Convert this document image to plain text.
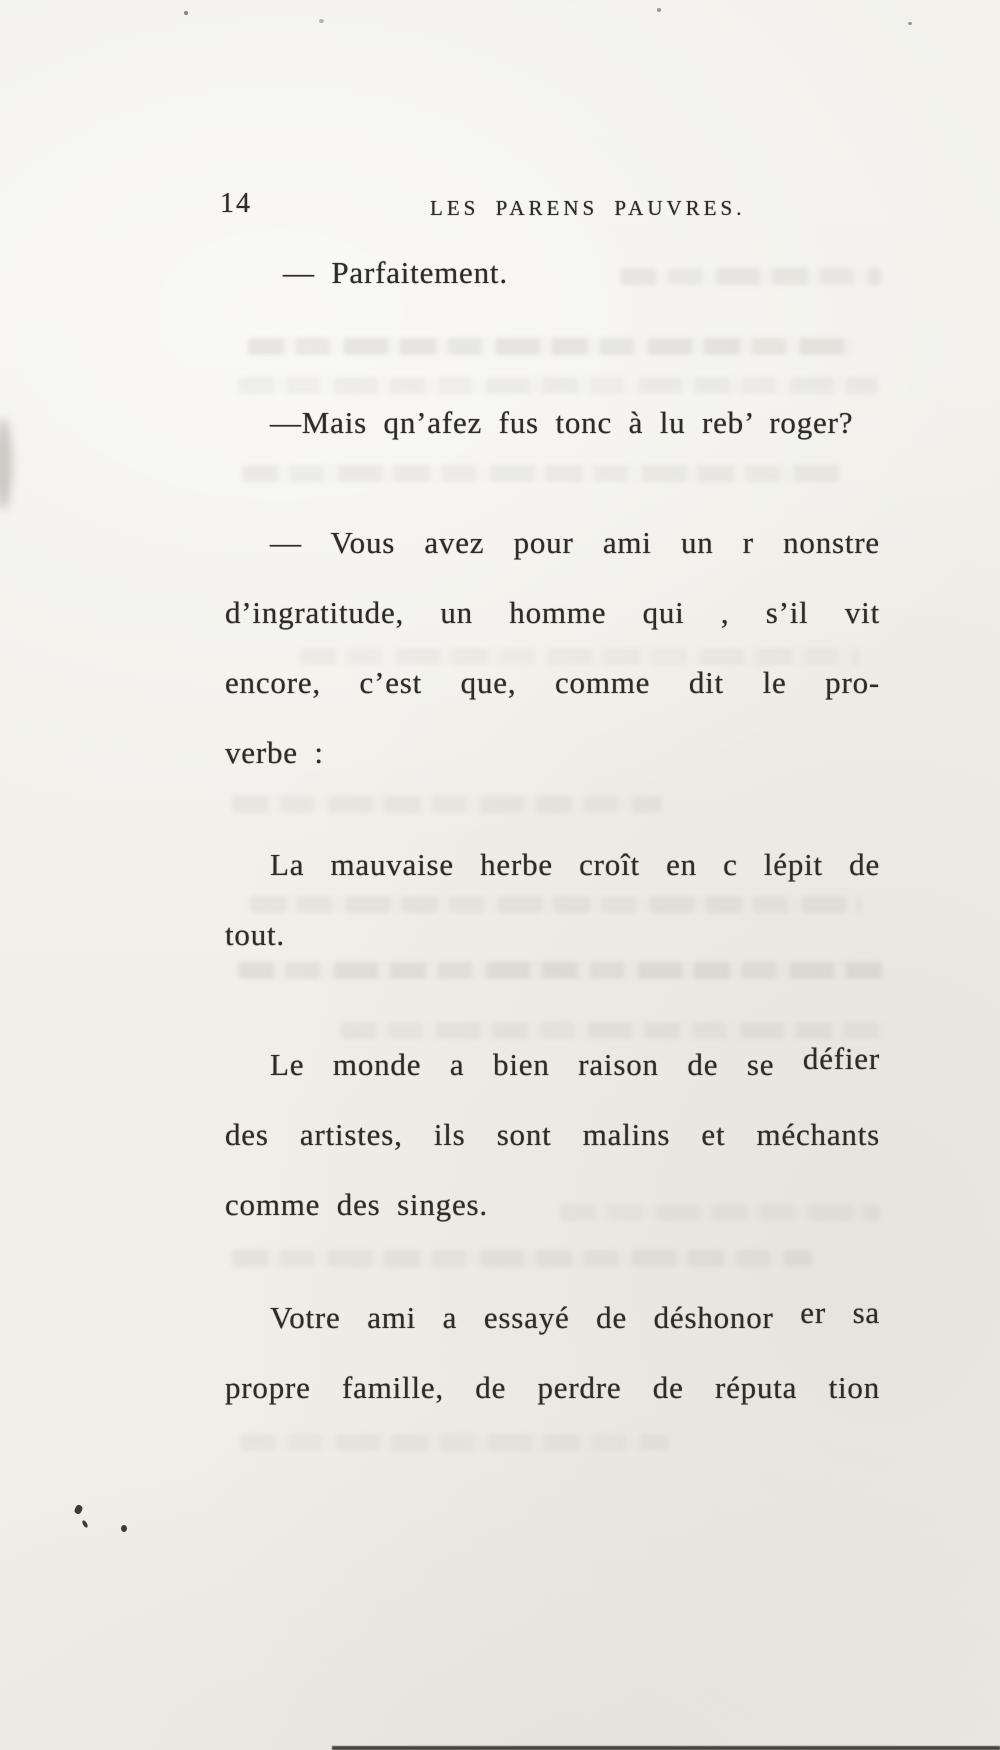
14	LES PARENS PAUVRES.
— Parfaitement.
—Mais qn’afez fus tonc à lu reb’ roger?
— Vous avez pour ami un r nonstre
d’ingratitude, un homme qui , s’il vit
encore, c’est que, comme dit le pro-
verbe :
La mauvaise herbe croît en c lépit de
tout.
Le monde a bien raison de se défier
des artistes, ils sont malins et méchants
comme des singes.
Votre ami a essayé de déshonor er sa
propre famille, de perdre de réputa tion
